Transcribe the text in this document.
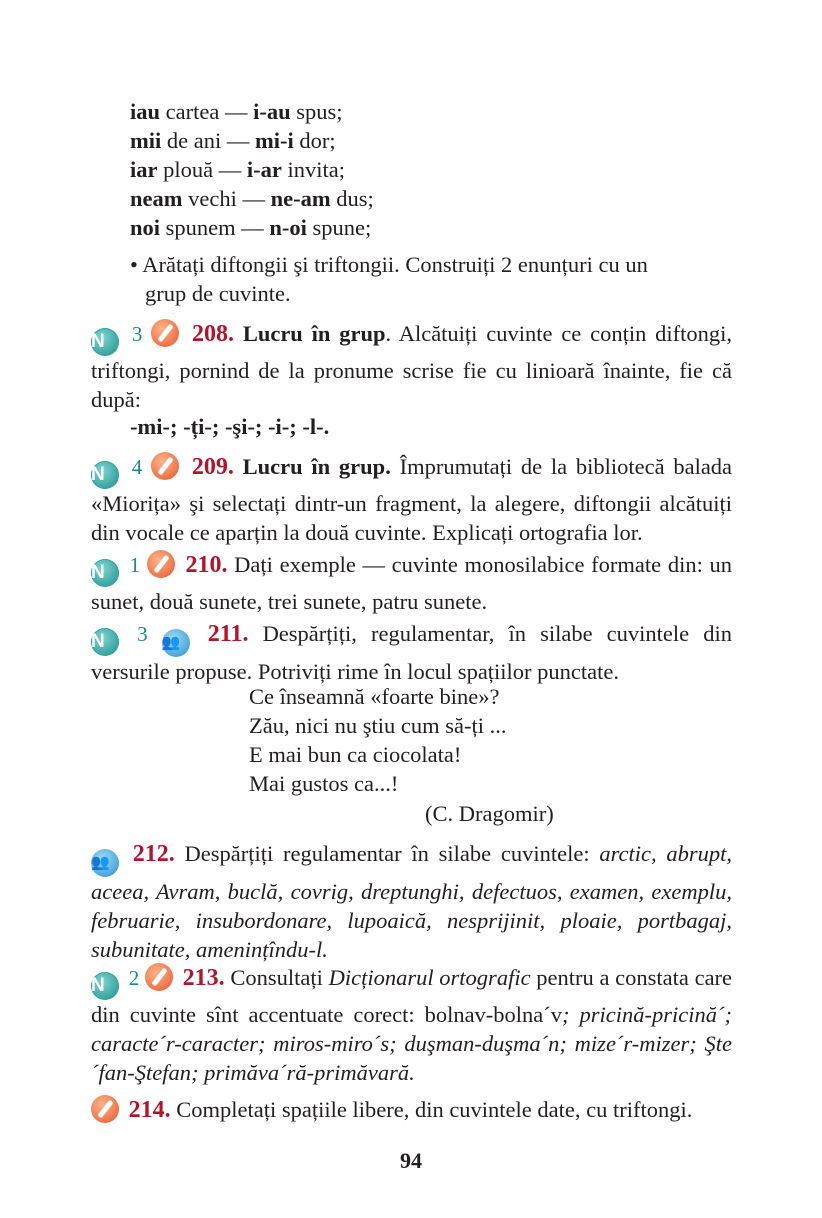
iau cartea — i-au spus;
mii de ani — mi-i dor;
iar plouă — i-ar invita;
neam vechi — ne-am dus;
noi spunem — n-oi spune;
• Arătați diftongii şi triftongii. Construiți 2 enunțuri cu un
grup de cuvinte.
N 3 208. Lucru în grup. Alcătuiți cuvinte ce conțin diftongi, triftongi, pornind de la pronume scrise fie cu linioară înainte, fie că după:
-mi-; -ți-; -şi-; -i-; -l-.
N 4 209. Lucru în grup. Împrumutați de la bibliotecă balada «Miorița» şi selectați dintr-un fragment, la alegere, diftongii alcătuiți din vocale ce aparțin la două cuvinte. Explicați ortografia lor.
N 1 210. Dați exemple — cuvinte monosilabice formate din: un sunet, două sunete, trei sunete, patru sunete.
N 3 👥 211. Despărțiți, regulamentar, în silabe cuvintele din versurile propuse. Potriviți rime în locul spațiilor punctate.
Ce înseamnă «foarte bine»?
Zău, nici nu ştiu cum să-ți ...
E mai bun ca ciocolata!
Mai gustos ca...!
(C. Dragomir)
👥 212. Despărțiți regulamentar în silabe cuvintele: arctic, abrupt, aceea, Avram, buclă, covrig, dreptunghi, defectuos, examen, exemplu, februarie, insubordonare, lupoaică, nesprijinit, ploaie, portbagaj, subunitate, amenințîndu-l.
N 2 213. Consultați Dicționarul ortografic pentru a constata care din cuvinte sînt accentuate corect: bolnav-bolna´v; pricină-pricină´; caracte´r-caracter; miros-miro´s; duşman-duşma´n; mize´r-mizer; Şte´fan-Ştefan; primăva´ră-primăvară.
214. Completați spațiile libere, din cuvintele date, cu triftongi.
94
